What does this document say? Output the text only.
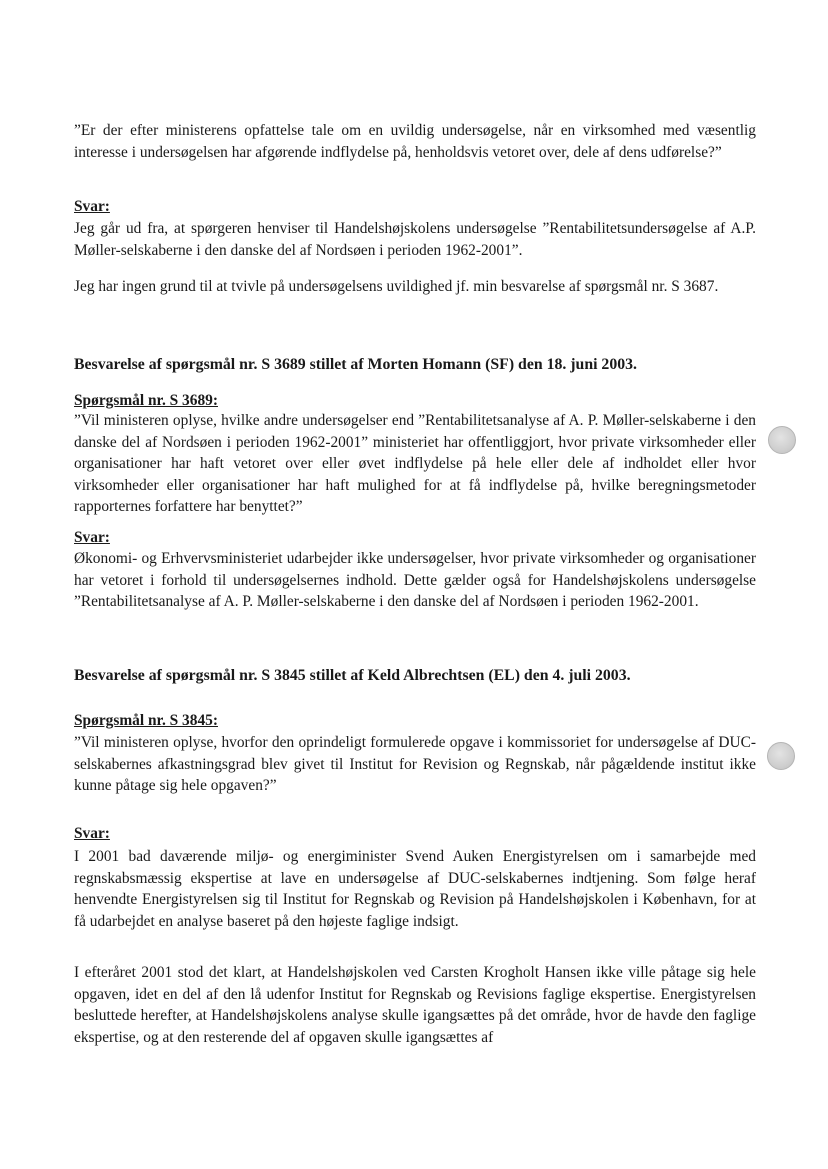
”Er der efter ministerens opfattelse tale om en uvildig undersøgelse, når en virksomhed med væsentlig interesse i undersøgelsen har afgørende indflydelse på, henholdsvis vetoret over, dele af dens udførelse?”

Svar:

Jeg går ud fra, at spørgeren henviser til Handelshøjskolens undersøgelse ”Rentabilitetsundersøgelse af A.P. Møller-selskaberne i den danske del af Nordsøen i perioden 1962-2001”.

Jeg har ingen grund til at tvivle på undersøgelsens uvildighed jf. min besvarelse af spørgsmål nr. S 3687.

Besvarelse af spørgsmål nr. S 3689 stillet af Morten Homann (SF) den 18. juni 2003.

Spørgsmål nr. S 3689:

”Vil ministeren oplyse, hvilke andre undersøgelser end ”Rentabilitetsanalyse af A. P. Møller-selskaberne i den danske del af Nordsøen i perioden 1962-2001” ministeriet har offentliggjort, hvor private virksomheder eller organisationer har haft vetoret over eller øvet indflydelse på hele eller dele af indholdet eller hvor virksomheder eller organisationer har haft mulighed for at få indflydelse på, hvilke beregningsmetoder rapporternes forfattere har benyttet?”

Svar:

Økonomi- og Erhvervsministeriet udarbejder ikke undersøgelser, hvor private virksomheder og organisationer har vetoret i forhold til undersøgelsernes indhold. Dette gælder også for Handelshøjskolens undersøgelse ”Rentabilitetsanalyse af A. P. Møller-selskaberne i den danske del af Nordsøen i perioden 1962-2001.

Besvarelse af spørgsmål nr. S 3845 stillet af Keld Albrechtsen (EL) den 4. juli 2003.

Spørgsmål nr. S 3845:

”Vil ministeren oplyse, hvorfor den oprindeligt formulerede opgave i kommissoriet for undersøgelse af DUC- selskabernes afkastningsgrad blev givet til Institut for Revision og Regnskab, når pågældende institut ikke kunne påtage sig hele opgaven?”

Svar:

I 2001 bad daværende miljø- og energiminister Svend Auken Energistyrelsen om i samarbejde med regnskabsmæssig ekspertise at lave en undersøgelse af DUC-selskabernes indtjening. Som følge heraf henvendte Energistyrelsen sig til Institut for Regnskab og Revision på Handelshøjskolen i København, for at få udarbejdet en analyse baseret på den højeste faglige indsigt.

I efteråret 2001 stod det klart, at Handelshøjskolen ved Carsten Krogholt Hansen ikke ville påtage sig hele opgaven, idet en del af den lå udenfor Institut for Regnskab og Revisions faglige ekspertise. Energistyrelsen besluttede herefter, at Handelshøjskolens analyse skulle igangsættes på det område, hvor de havde den faglige ekspertise, og at den resterende del af opgaven skulle igangsættes af
